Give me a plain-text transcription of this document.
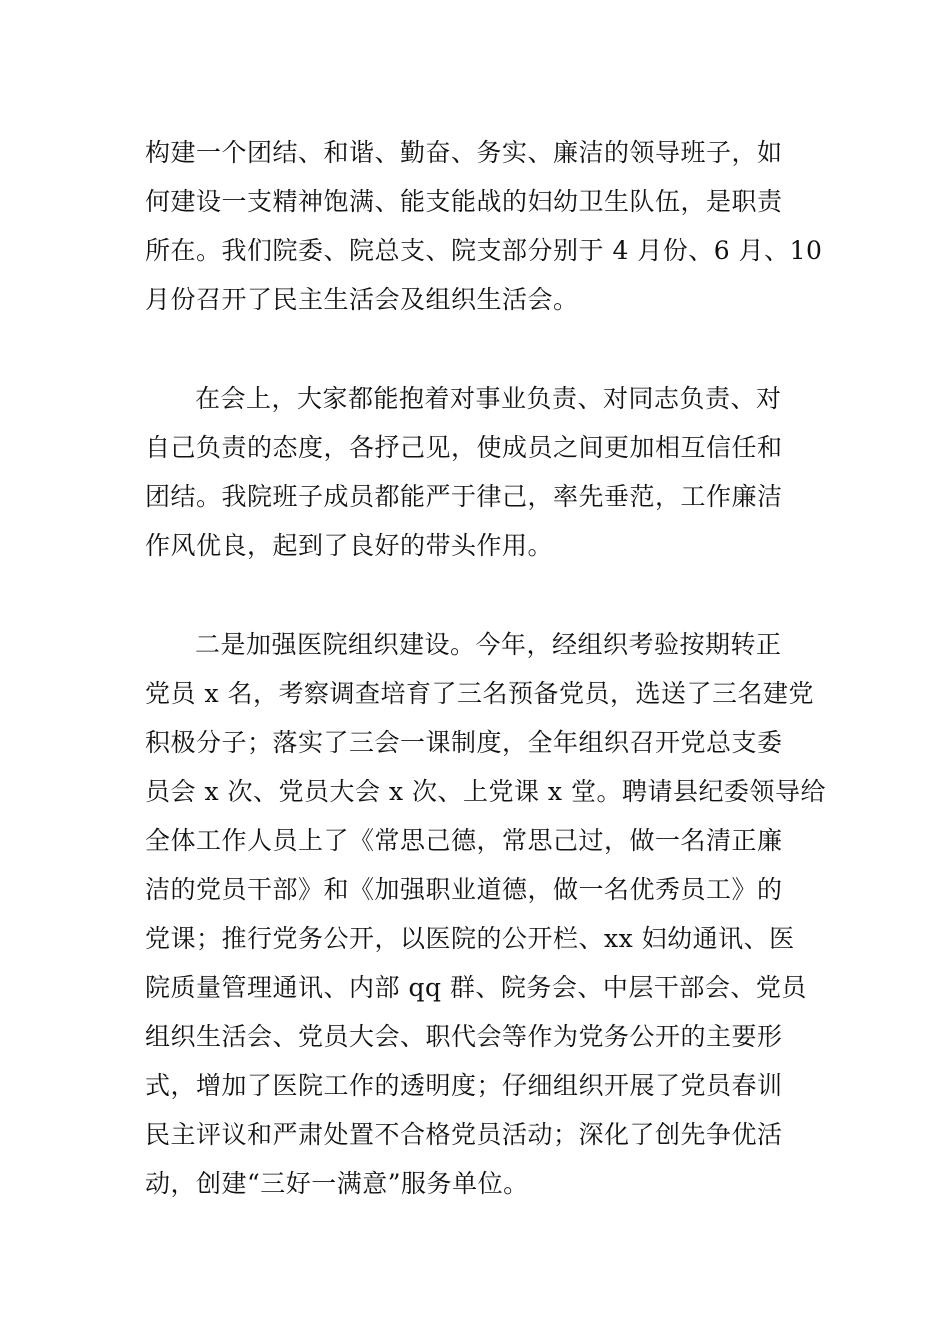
构建一个团结、和谐、勤奋、务实、廉洁的领导班子，如
何建设一支精神饱满、能支能战的妇幼卫生队伍，是职责
所在。我们院委、院总支、院支部分别于 4 月份、6 月、10
月份召开了民主生活会及组织生活会。
在会上，大家都能抱着对事业负责、对同志负责、对
自己负责的态度，各抒己见，使成员之间更加相互信任和
团结。我院班子成员都能严于律己，率先垂范，工作廉洁
作风优良，起到了良好的带头作用。
二是加强医院组织建设。今年，经组织考验按期转正
党员 x 名，考察调查培育了三名预备党员，选送了三名建党
积极分子；落实了三会一课制度，全年组织召开党总支委
员会 x 次、党员大会 x 次、上党课 x 堂。聘请县纪委领导给
全体工作人员上了《常思己德，常思己过，做一名清正廉
洁的党员干部》和《加强职业道德，做一名优秀员工》的
党课；推行党务公开，以医院的公开栏、xx 妇幼通讯、医
院质量管理通讯、内部 qq 群、院务会、中层干部会、党员
组织生活会、党员大会、职代会等作为党务公开的主要形
式，增加了医院工作的透明度；仔细组织开展了党员春训
民主评议和严肃处置不合格党员活动；深化了创先争优活
动，创建“三好一满意”服务单位。
